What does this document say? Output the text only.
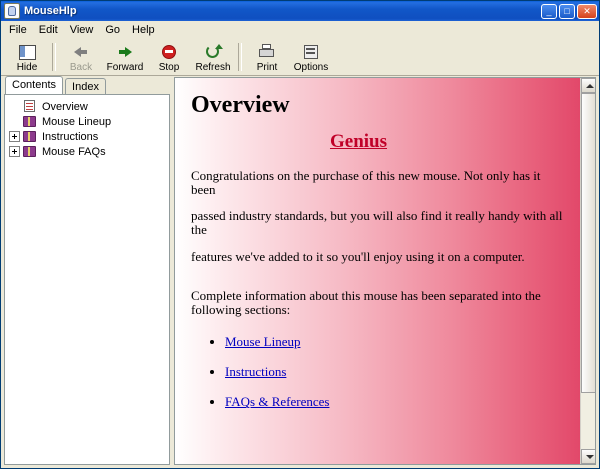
MouseHlp	_	□	✕
File	Edit	View	Go	Help
Hide	Back Forward Stop Refresh	Print Options
Contents	Index
Overview
Mouse Lineup
Instructions
Mouse FAQs
Overview
Genius

Congratulations on the purchase of this new mouse. Not only has it been

passed industry standards, but you will also find it really handy with all the

features we've added to it so you'll enjoy using it on a computer.

Complete information about this mouse has been separated into the following sections:

• Mouse Lineup
• Instructions
• FAQs & References
